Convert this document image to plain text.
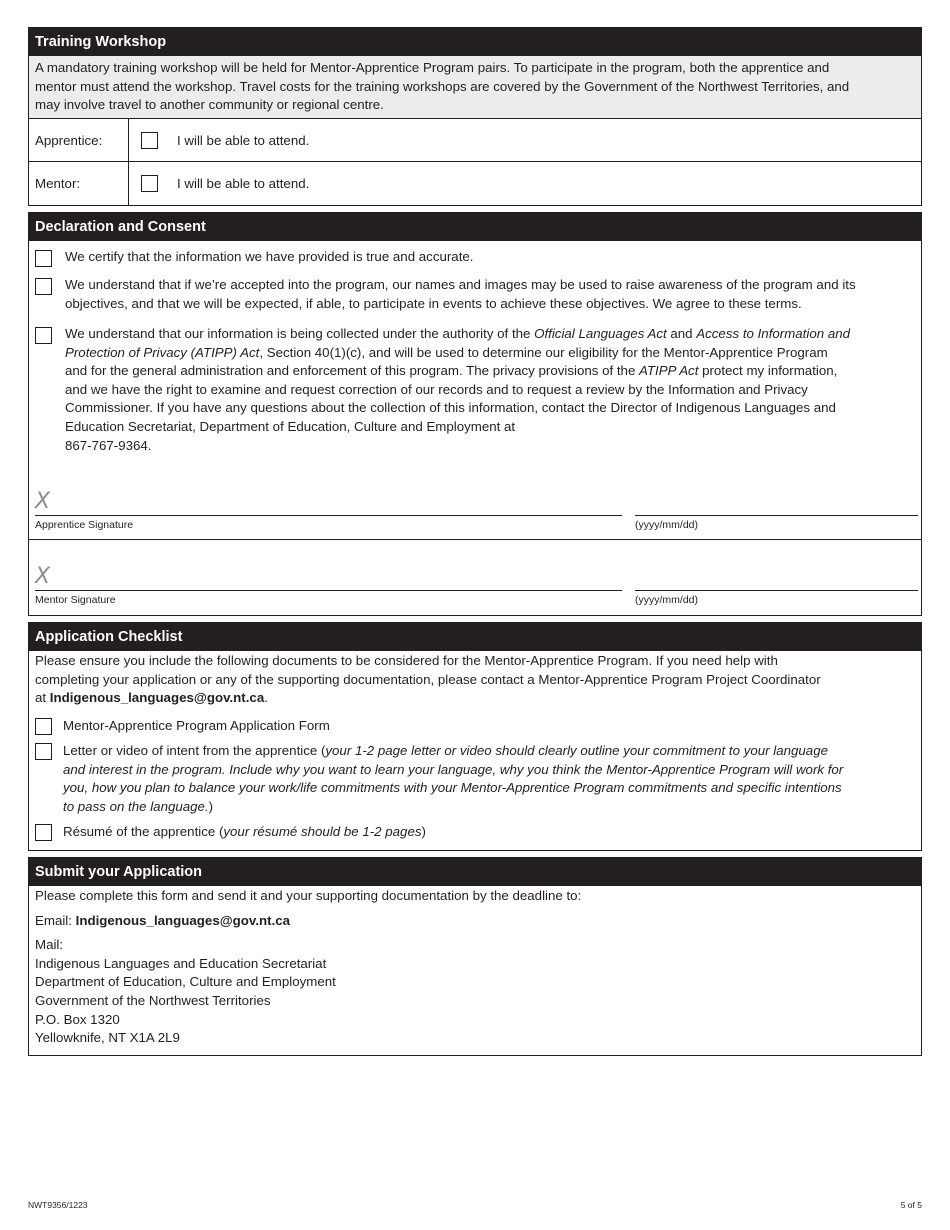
Training Workshop
A mandatory training workshop will be held for Mentor-Apprentice Program pairs. To participate in the program, both the apprentice and
mentor must attend the workshop. Travel costs for the training workshops are covered by the Government of the Northwest Territories, and
may involve travel to another community or regional centre.
Apprentice:	I will be able to attend.
Mentor:	I will be able to attend.
Declaration and Consent
We certify that the information we have provided is true and accurate.
We understand that if we’re accepted into the program, our names and images may be used to raise awareness of the program and its
objectives, and that we will be expected, if able, to participate in events to achieve these objectives. We agree to these terms.
We understand that our information is being collected under the authority of the Official Languages Act and Access to Information and
Protection of Privacy (ATIPP) Act, Section 40(1)(c), and will be used to determine our eligibility for the Mentor-Apprentice Program
and for the general administration and enforcement of this program. The privacy provisions of the ATIPP Act protect my information,
and we have the right to examine and request correction of our records and to request a review by the Information and Privacy
Commissioner. If you have any questions about the collection of this information, contact the Director of Indigenous Languages and
Education Secretariat, Department of Education, Culture and Employment at
867-767-9364.
X
Apprentice Signature	(yyyy/mm/dd)
X
Mentor Signature	(yyyy/mm/dd)
Application Checklist
Please ensure you include the following documents to be considered for the Mentor-Apprentice Program. If you need help with
completing your application or any of the supporting documentation, please contact a Mentor-Apprentice Program Project Coordinator
at Indigenous_languages@gov.nt.ca.
Mentor-Apprentice Program Application Form
Letter or video of intent from the apprentice (your 1-2 page letter or video should clearly outline your commitment to your language
and interest in the program. Include why you want to learn your language, why you think the Mentor-Apprentice Program will work for
you, how you plan to balance your work/life commitments with your Mentor-Apprentice Program commitments and specific intentions
to pass on the language.)
Résumé of the apprentice (your résumé should be 1-2 pages)
Submit your Application
Please complete this form and send it and your supporting documentation by the deadline to:
Email: Indigenous_languages@gov.nt.ca
Mail:
Indigenous Languages and Education Secretariat
Department of Education, Culture and Employment
Government of the Northwest Territories
P.O. Box 1320
Yellowknife, NT X1A 2L9
NWT9356/1223	5 of 5
